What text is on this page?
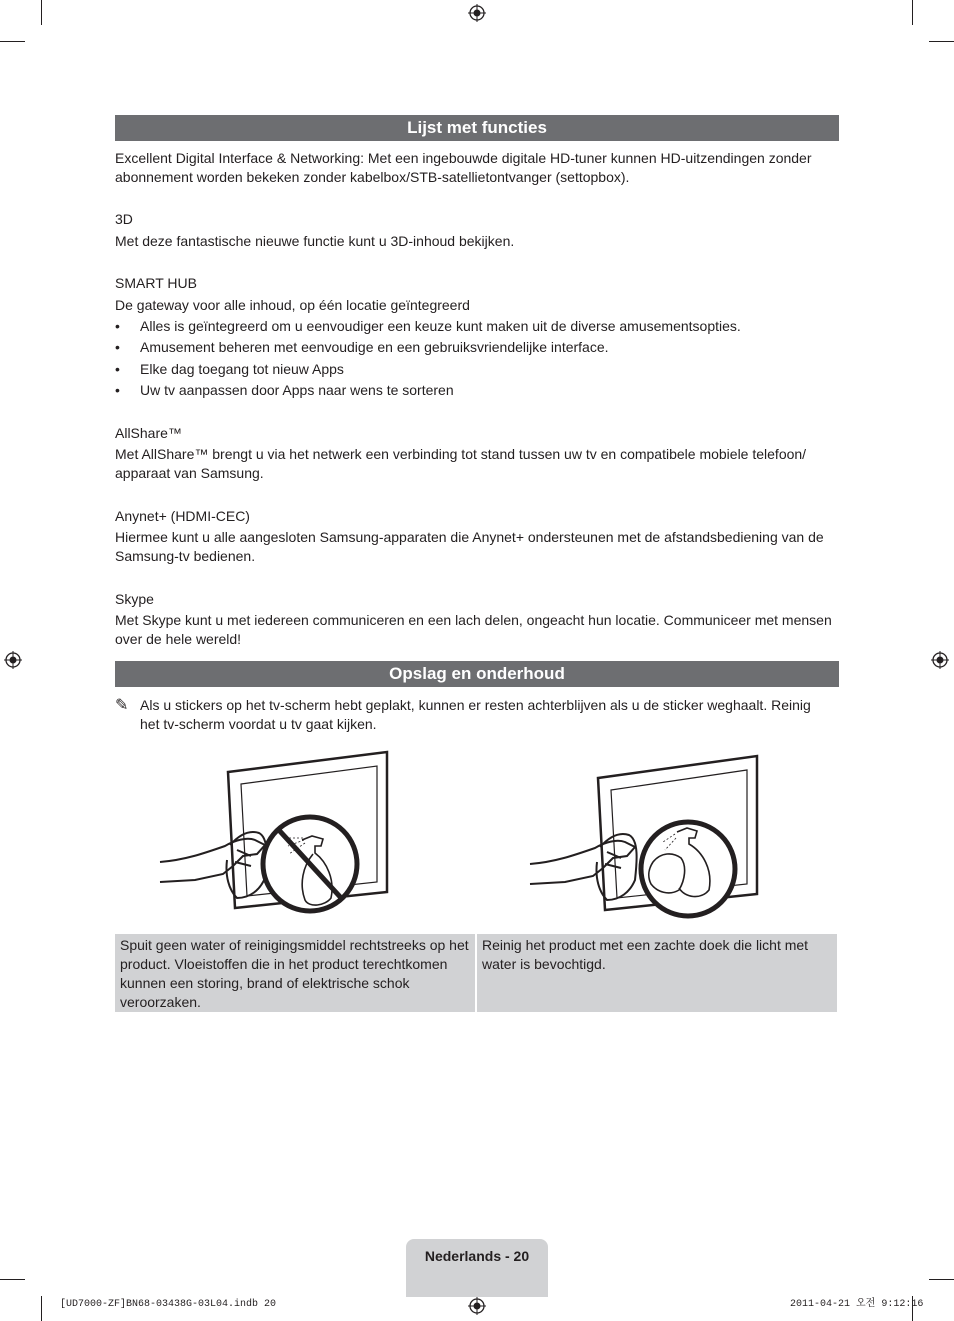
Lijst met functies
Excellent Digital Interface & Networking: Met een ingebouwde digitale HD-tuner kunnen HD-uitzendingen zonder abonnement worden bekeken zonder kabelbox/STB-satellietontvanger (settopbox).
3D
Met deze fantastische nieuwe functie kunt u 3D-inhoud bekijken.
SMART HUB
De gateway voor alle inhoud, op één locatie geïntegreerd
• Alles is geïntegreerd om u eenvoudiger een keuze kunt maken uit de diverse amusementsopties.
• Amusement beheren met eenvoudige en een gebruiksvriendelijke interface.
• Elke dag toegang tot nieuw Apps
• Uw tv aanpassen door Apps naar wens te sorteren
AllShare™
Met AllShare™ brengt u via het netwerk een verbinding tot stand tussen uw tv en compatibele mobiele telefoon/
apparaat van Samsung.
Anynet+ (HDMI-CEC)
Hiermee kunt u alle aangesloten Samsung-apparaten die Anynet+ ondersteunen met de afstandsbediening van de Samsung-tv bedienen.
Skype
Met Skype kunt u met iedereen communiceren en een lach delen, ongeacht hun locatie. Communiceer met mensen over de hele wereld!
Opslag en onderhoud
✎ Als u stickers op het tv-scherm hebt geplakt, kunnen er resten achterblijven als u de sticker weghaalt. Reinig het tv-scherm voordat u tv gaat kijken.
Spuit geen water of reinigingsmiddel rechtstreeks op het product. Vloeistoffen die in het product terechtkomen kunnen een storing, brand of elektrische schok veroorzaken.
Reinig het product met een zachte doek die licht met water is bevochtigd.
Nederlands - 20
[UD7000-ZF]BN68-03438G-03L04.indb 20	2011-04-21 오전 9:12:16
